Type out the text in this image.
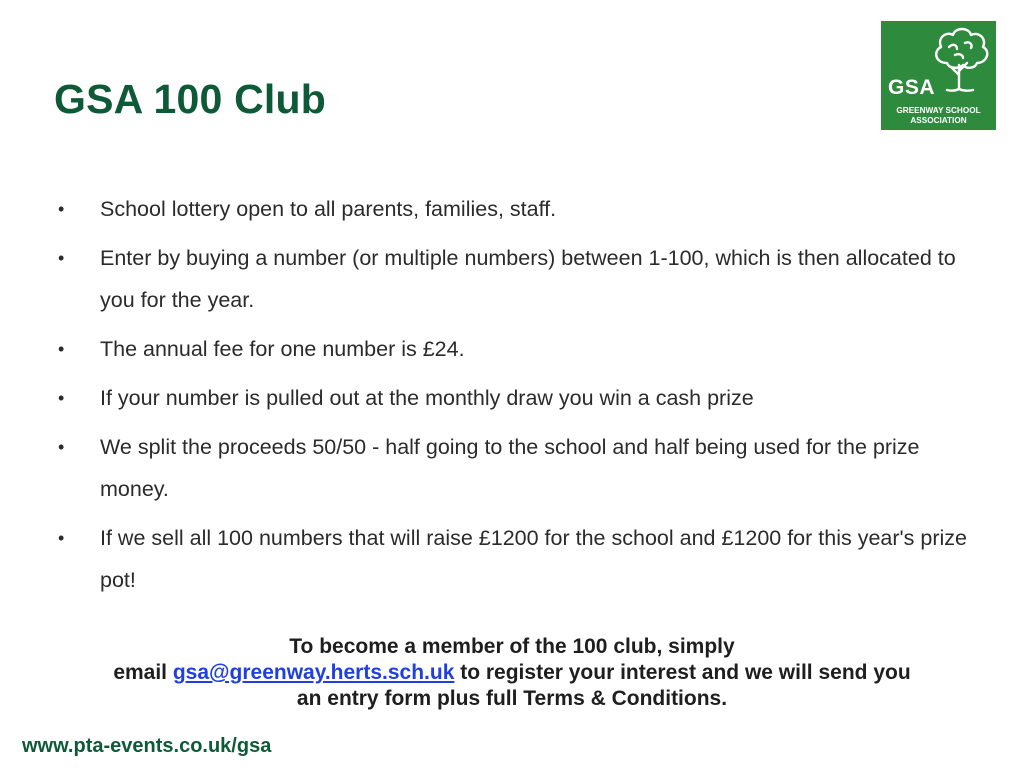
GSA 100 Club	GSA
GREENWAY SCHOOL
ASSOCIATION
•	School lottery open to all parents, families, staff.
•	Enter by buying a number (or multiple numbers) between 1-100, which is then allocated to you for the year.
•	The annual fee for one number is £24.
•	If your number is pulled out at the monthly draw you win a cash prize
•	We split the proceeds 50/50 - half going to the school and half being used for the prize money.
•	If we sell all 100 numbers that will raise £1200 for the school and £1200 for this year's prize pot!
To become a member of the 100 club, simply
email gsa@greenway.herts.sch.uk to register your interest and we will send you
an entry form plus full Terms & Conditions.
www.pta-events.co.uk/gsa
